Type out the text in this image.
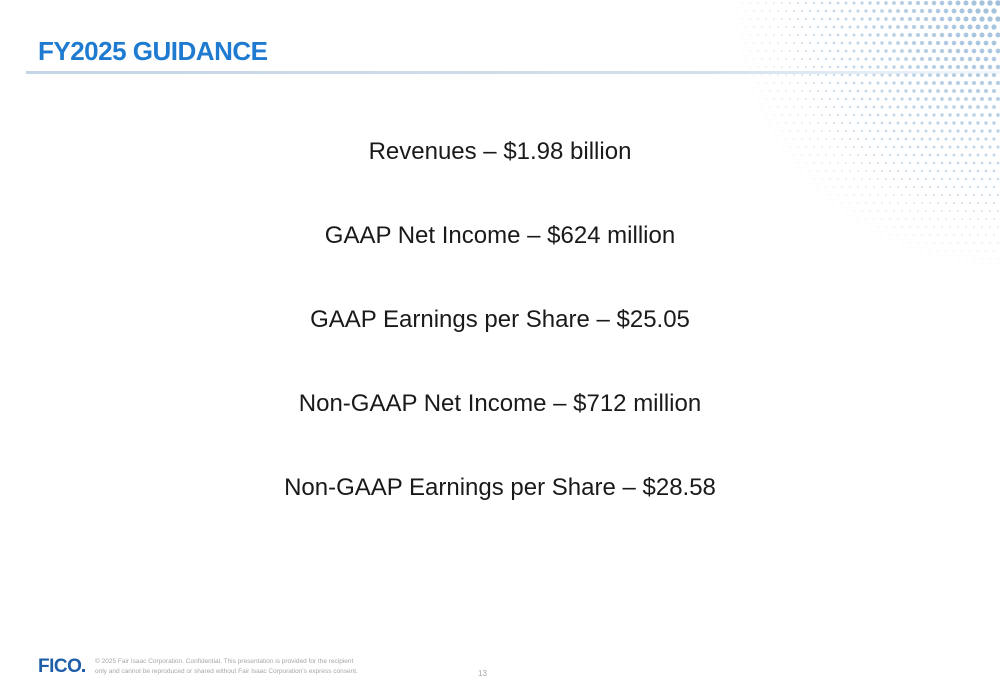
FY2025 GUIDANCE
Revenues – $1.98 billion
GAAP Net Income – $624 million
GAAP Earnings per Share – $25.05
Non-GAAP Net Income – $712 million
Non-GAAP Earnings per Share – $28.58
FICO	© 2025 Fair Isaac Corporation. Confidential. This presentation is provided for the recipient
only and cannot be reproduced or shared without Fair Isaac Corporation's express consent.	13
